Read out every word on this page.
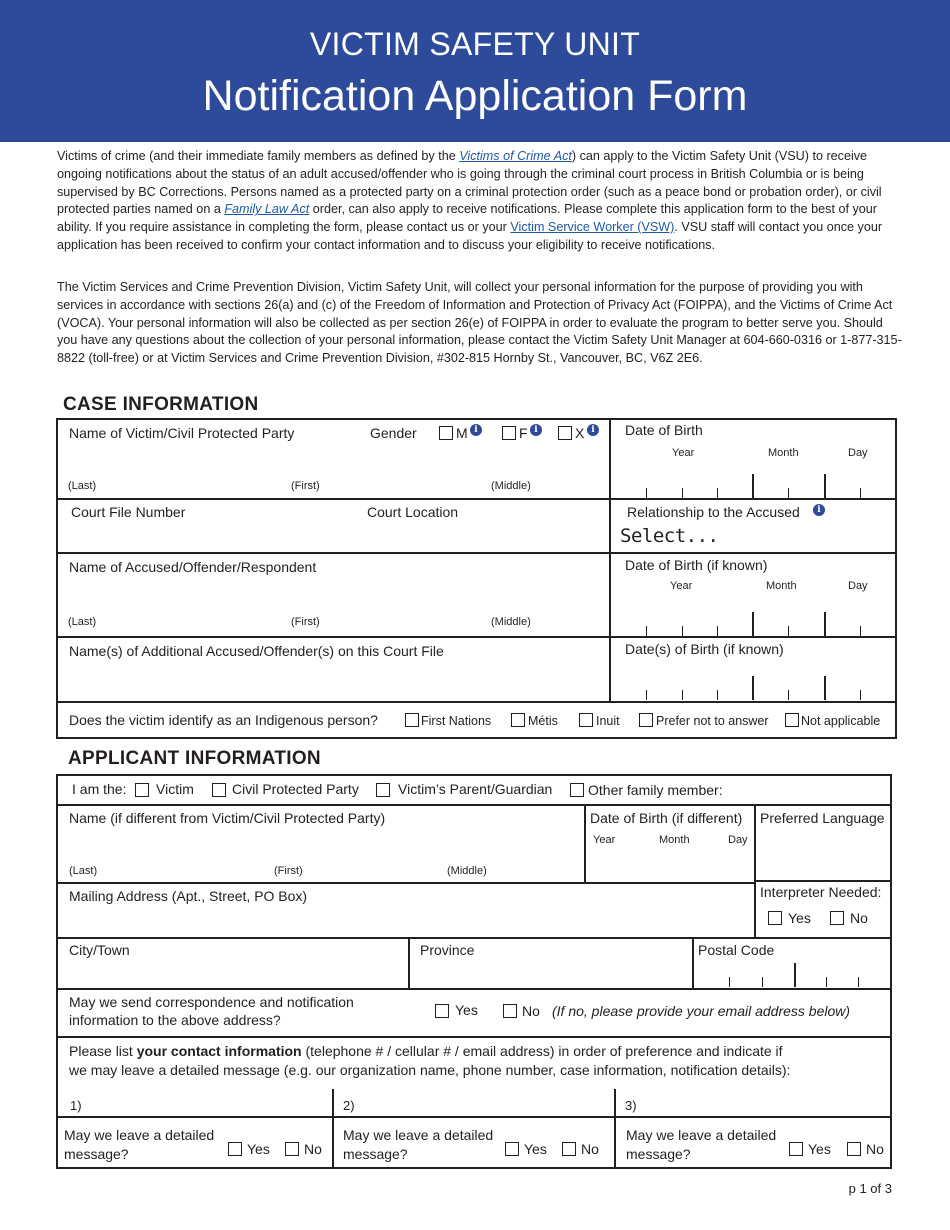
VICTIM SAFETY UNIT
Notification Application Form

Victims of crime (and their immediate family members as defined by the Victims of Crime Act) can apply to the Victim Safety Unit (VSU) to receive ongoing notifications about the status of an adult accused/offender who is going through the criminal court process in British Columbia or is being supervised by BC Corrections. Persons named as a protected party on a criminal protection order (such as a peace bond or probation order), or civil protected parties named on a Family Law Act order, can also apply to receive notifications. Please complete this application form to the best of your ability. If you require assistance in completing the form, please contact us or your Victim Service Worker (VSW). VSU staff will contact you once your application has been received to confirm your contact information and to discuss your eligibility to receive notifications.

The Victim Services and Crime Prevention Division, Victim Safety Unit, will collect your personal information for the purpose of providing you with services in accordance with sections 26(a) and (c) of the Freedom of Information and Protection of Privacy Act (FOIPPA), and the Victims of Crime Act (VOCA). Your personal information will also be collected as per section 26(e) of FOIPPA in order to evaluate the program to better serve you. Should you have any questions about the collection of your personal information, please contact the Victim Safety Unit Manager at 604-660-0316 or 1-877-315-8822 (toll-free) or at Victim Services and Crime Prevention Division, #302-815 Hornby St., Vancouver, BC, V6Z 2E6.

CASE INFORMATION
Name of Victim/Civil Protected Party	Gender	M i	F i	X i
(Last)	(First)	(Middle)
Date of Birth
Year	Month	Day
Court File Number	Court Location	Relationship to the Accused	i
Select...
Name of Accused/Offender/Respondent
(Last)	(First)	(Middle)
Date of Birth (if known)
Year	Month	Day
Name(s) of Additional Accused/Offender(s) on this Court File	Date(s) of Birth (if known)
Does the victim identify as an Indigenous person?	First Nations	Métis	Inuit	Prefer not to answer	Not applicable
APPLICANT INFORMATION
I am the: Victim	Civil Protected Party	Victim’s Parent/Guardian	Other family member:
Name (if different from Victim/Civil Protected Party)
(Last)	(First)	(Middle)
Date of Birth (if different)
Year	Month	Day
Preferred Language
Mailing Address (Apt., Street, PO Box)	Interpreter Needed:
Yes	No
City/Town	Province	Postal Code
May we send correspondence and notification
information to the above address?
Yes	No (If no, please provide your email address below)
Please list your contact information (telephone # / cellular # / email address) in order of preference and indicate if
we may leave a detailed message (e.g. our organization name, phone number, case information, notification details):
1)	2)	3)
May we leave a detailed
message?	Yes No
May we leave a detailed
message?	Yes No
May we leave a detailed
message?	Yes	No
p 1 of 3
